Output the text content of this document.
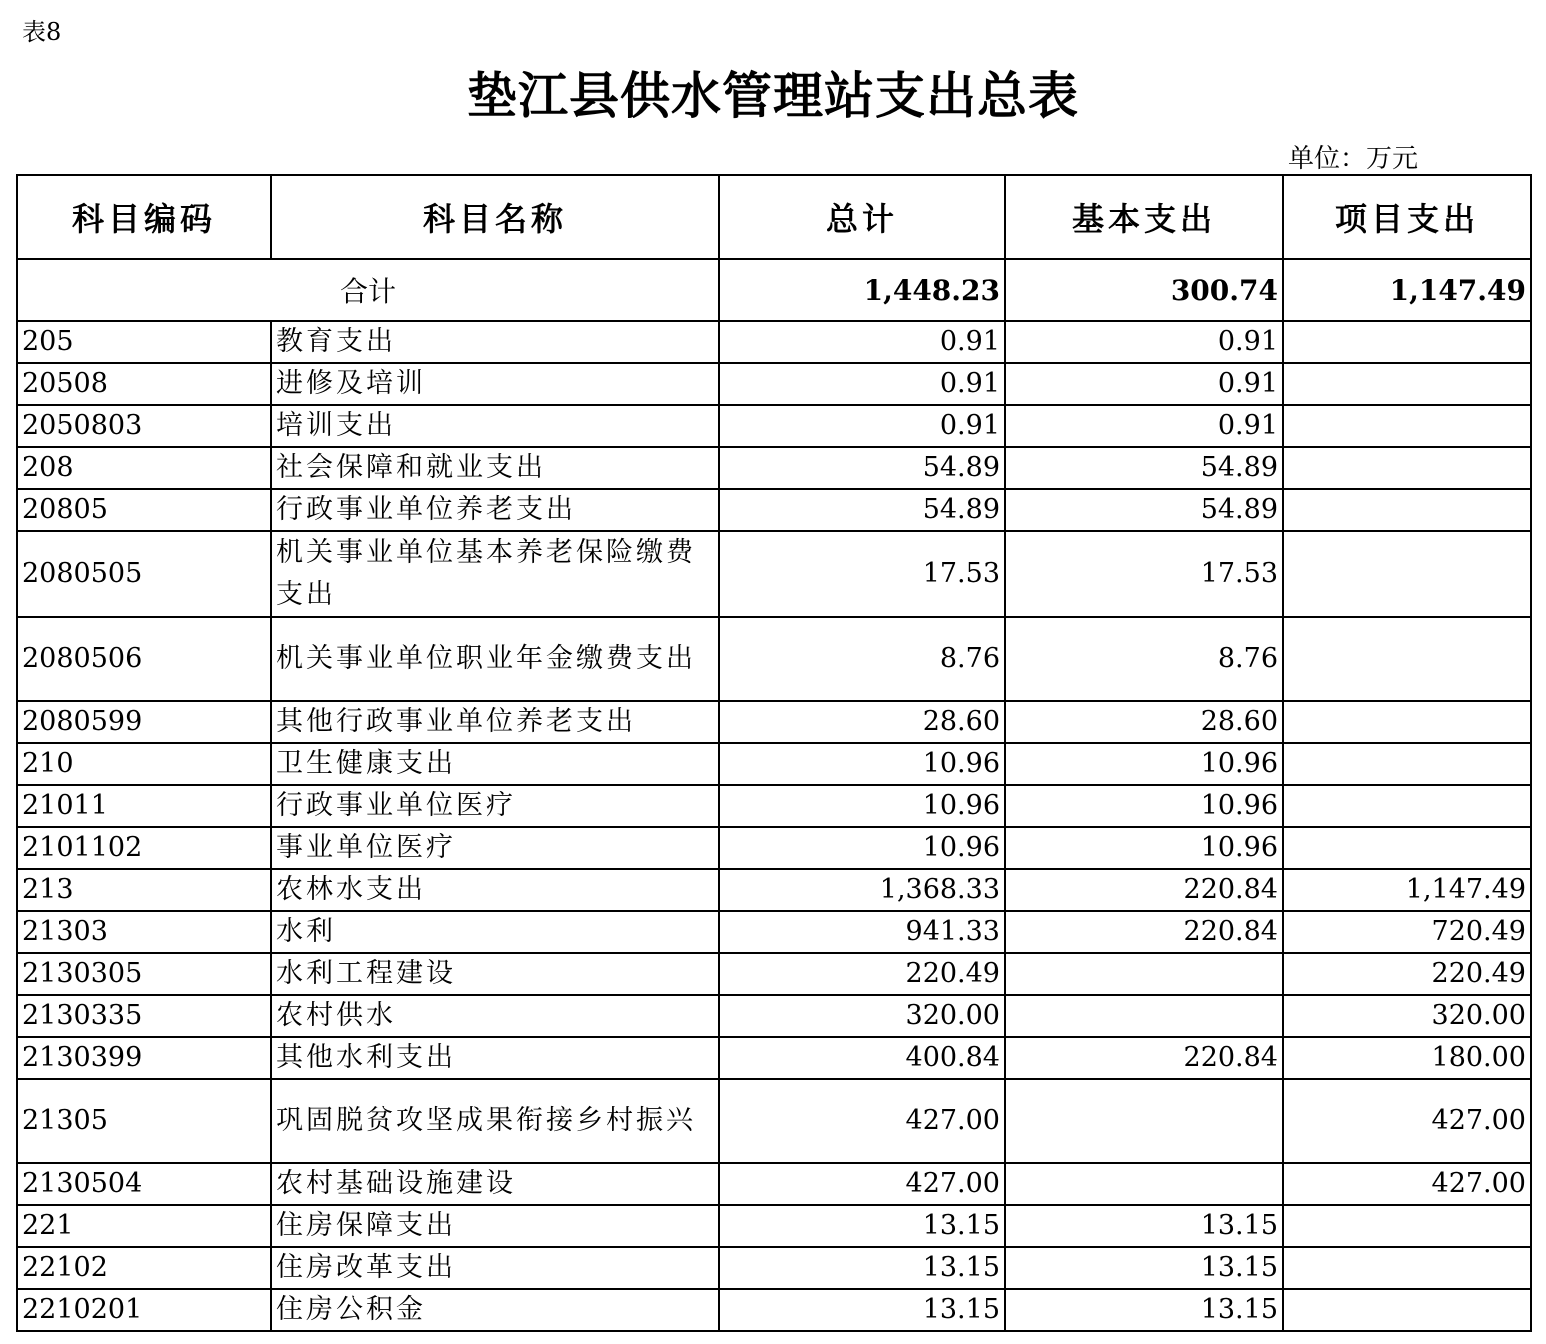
表8
垫江县供水管理站支出总表
单位：万元
科目编码	科目名称	总计	基本支出	项目支出
合计		1,448.23	300.74	1,147.49
205	教育支出	0.91	0.91	
20508	进修及培训	0.91	0.91	
2050803	培训支出	0.91	0.91	
208	社会保障和就业支出	54.89	54.89	
20805	行政事业单位养老支出	54.89	54.89	
2080505	机关事业单位基本养老保险缴费支出	17.53	17.53	
2080506	机关事业单位职业年金缴费支出	8.76	8.76	
2080599	其他行政事业单位养老支出	28.60	28.60	
210	卫生健康支出	10.96	10.96	
21011	行政事业单位医疗	10.96	10.96	
2101102	事业单位医疗	10.96	10.96	
213	农林水支出	1,368.33	220.84	1,147.49
21303	水利	941.33	220.84	720.49
2130305	水利工程建设	220.49		220.49
2130335	农村供水	320.00		320.00
2130399	其他水利支出	400.84	220.84	180.00
21305	巩固脱贫攻坚成果衔接乡村振兴	427.00		427.00
2130504	农村基础设施建设	427.00		427.00
221	住房保障支出	13.15	13.15	
22102	住房改革支出	13.15	13.15	
2210201	住房公积金	13.15	13.15	
